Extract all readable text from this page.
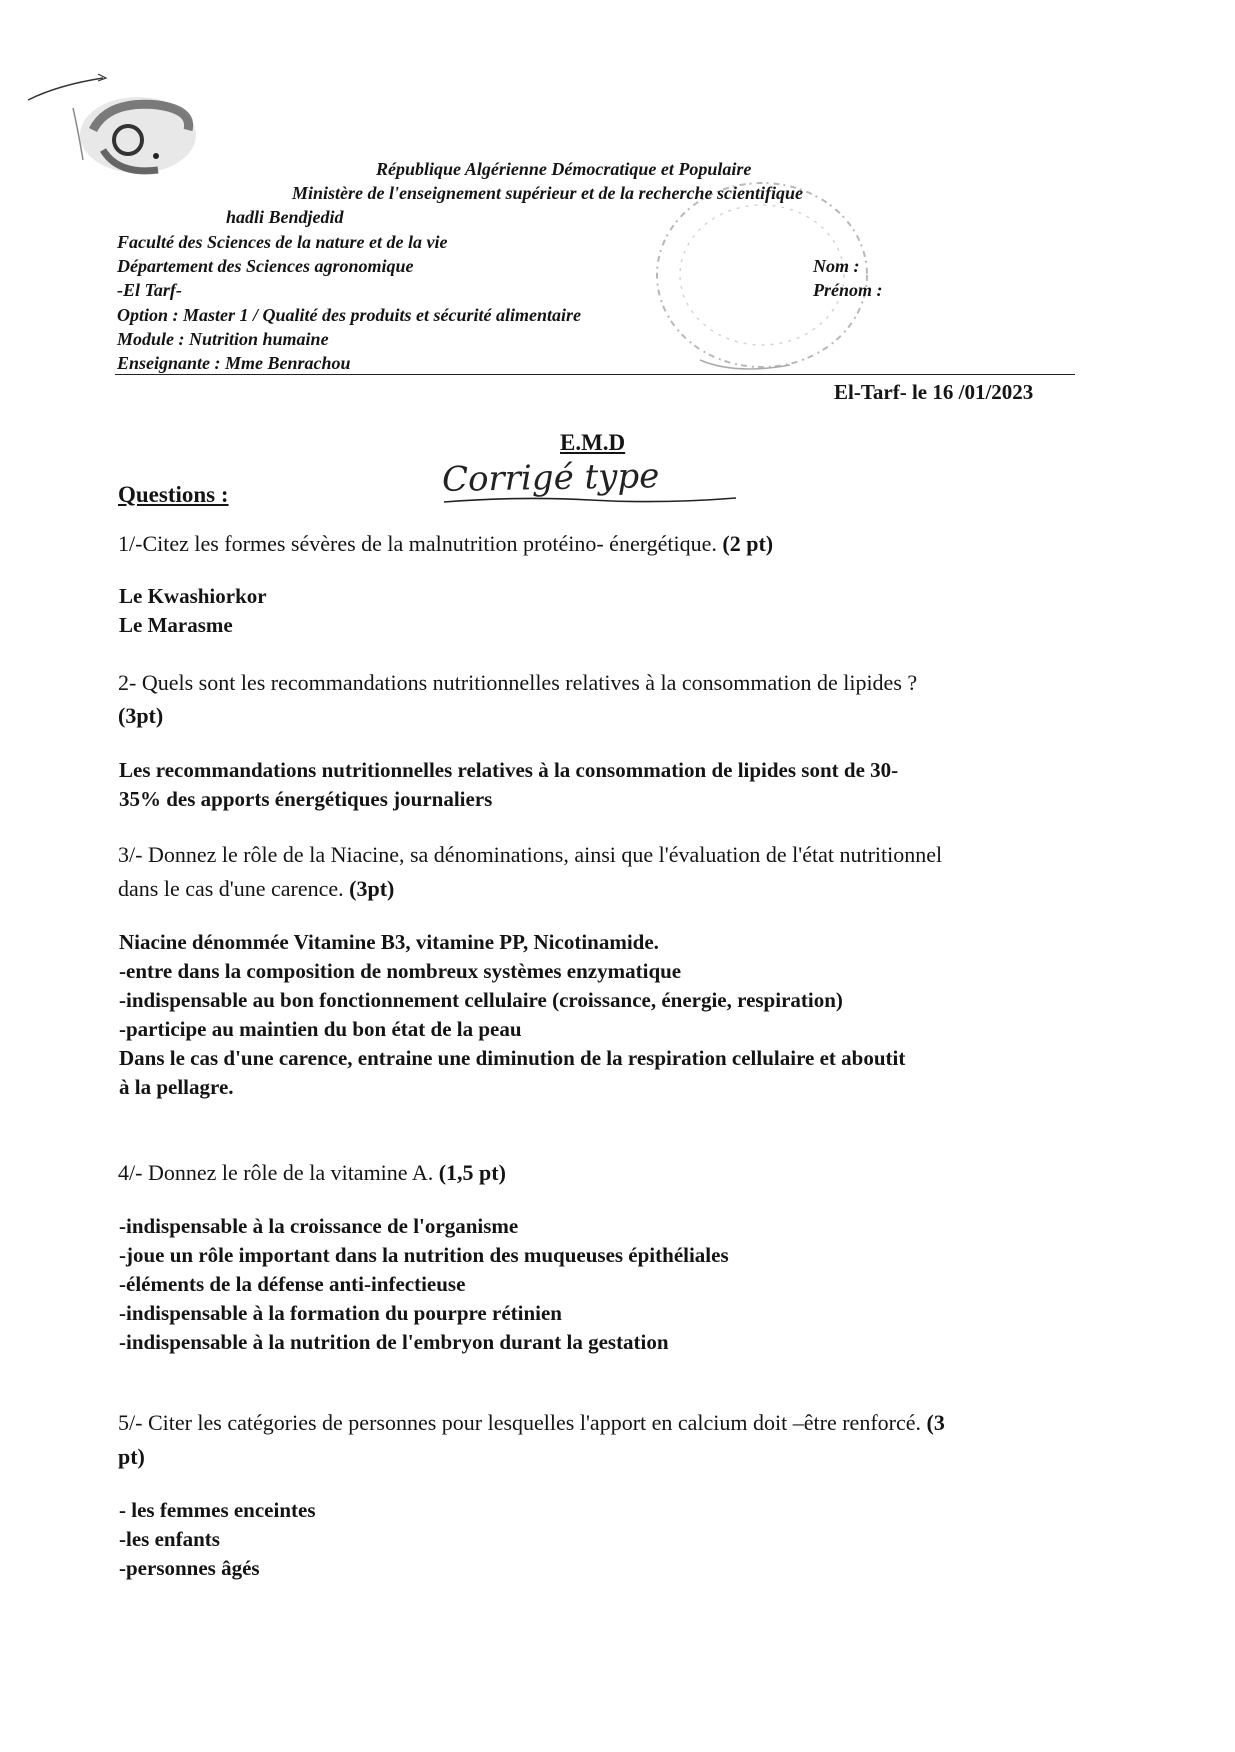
République Algérienne Démocratique et Populaire
Ministère de l'enseignement supérieur et de la recherche scientifique
hadli Bendjedid
Faculté des Sciences de la nature et de la vie
Département des Sciences agronomique
-El Tarf-
Option : Master 1 / Qualité des produits et sécurité alimentaire
Module : Nutrition humaine
Enseignante : Mme Benrachou
Nom :
Prénom :
El-Tarf- le 16 /01/2023
E.M.D
Corrigé type
Questions :
1/-Citez les formes sévères de la malnutrition protéino- énergétique. (2 pt)
Le Kwashiorkor
Le Marasme
2- Quels sont les recommandations nutritionnelles relatives à la consommation de lipides ?
(3pt)
Les recommandations nutritionnelles relatives à la consommation de lipides sont de 30-
35% des apports énergétiques journaliers
3/- Donnez le rôle de la Niacine, sa dénominations, ainsi que l'évaluation de l'état nutritionnel
dans le cas d'une carence. (3pt)
Niacine dénommée Vitamine B3, vitamine PP, Nicotinamide.
-entre dans la composition de nombreux systèmes enzymatique
-indispensable au bon fonctionnement cellulaire (croissance, énergie, respiration)
-participe au maintien du bon état de la peau
Dans le cas d'une carence, entraine une diminution de la respiration cellulaire et aboutit
à la pellagre.
4/- Donnez le rôle de la vitamine A. (1,5 pt)
-indispensable à la croissance de l'organisme
-joue un rôle important dans la nutrition des muqueuses épithéliales
-éléments de la défense anti-infectieuse
-indispensable à la formation du pourpre rétinien
-indispensable à la nutrition de l'embryon durant la gestation
5/- Citer les catégories de personnes pour lesquelles l'apport en calcium doit –être renforcé. (3
pt)
- les femmes enceintes
-les enfants
-personnes âgés
